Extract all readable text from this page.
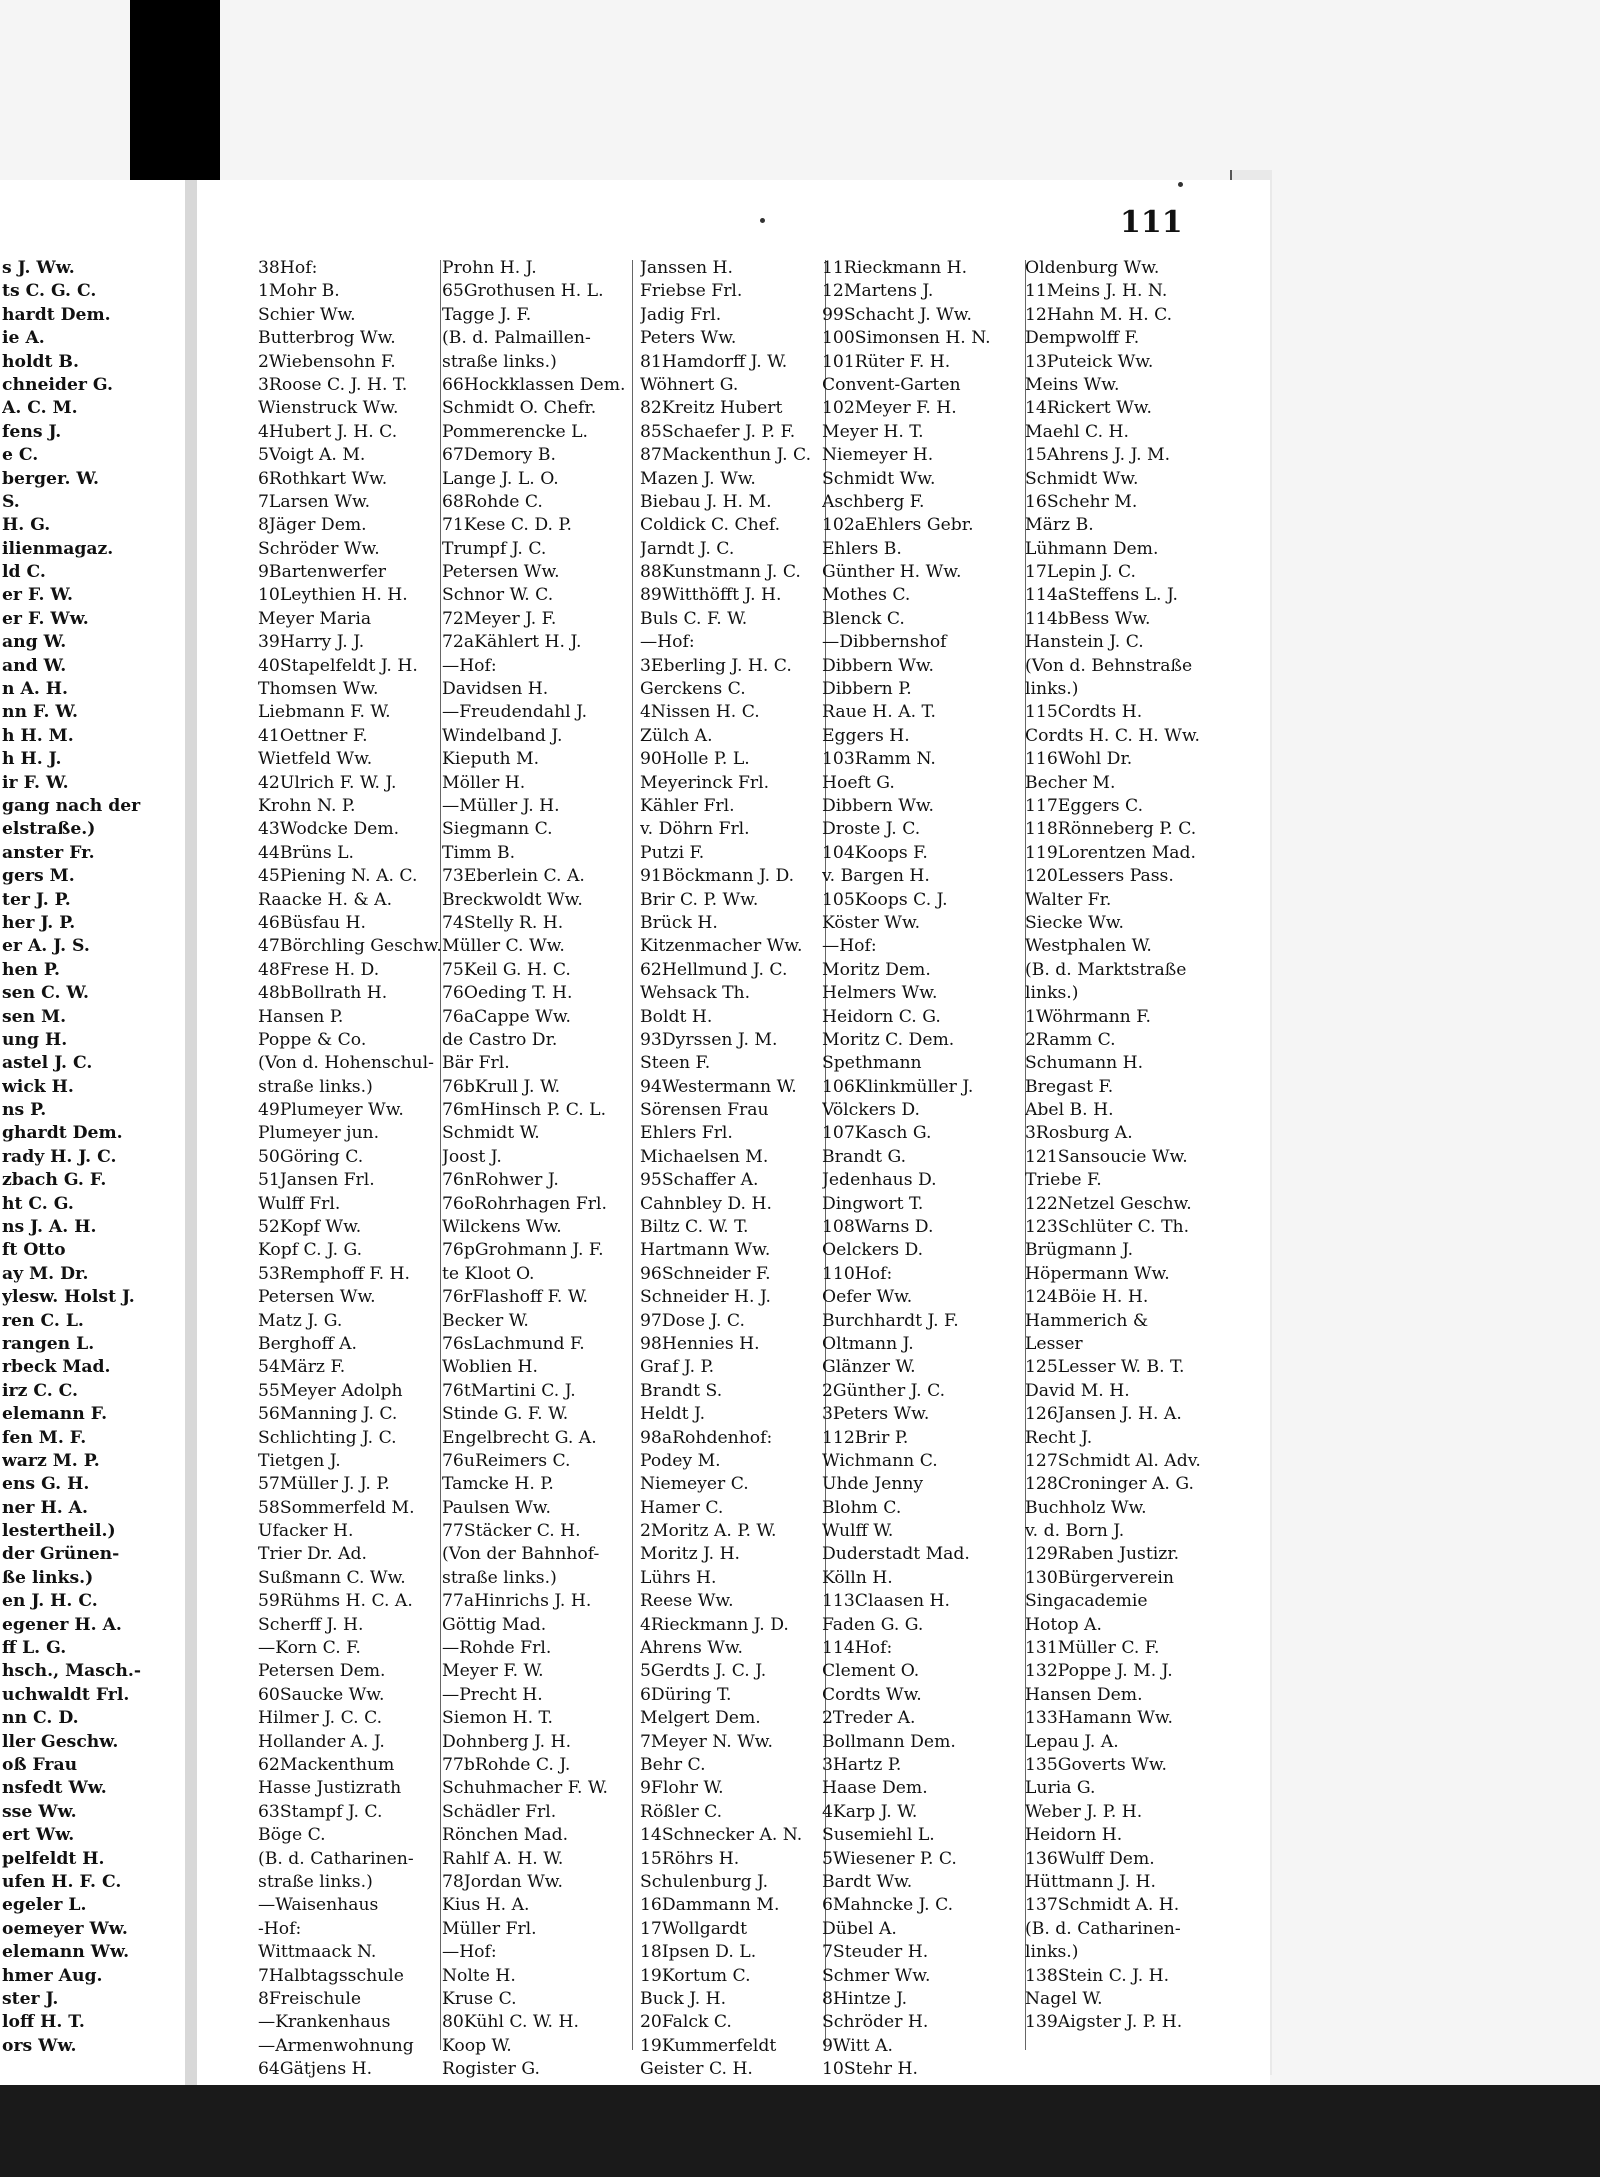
s J. Ww.
ts C. G. C.
hardt Dem.
ie A.
holdt B.
chneider G.
A. C. M.
fens J.
e C.
berger. W.
S.
H. G.
ilienmagaz.
ld C.
er F. W.
er F. Ww.
ang W.
and W.
n A. H.
nn F. W.
h H. M.
h H. J.
ir F. W.
gang nach der
elstraße.)
anster Fr.
gers M.
ter J. P.
her J. P.
er A. J. S.
hen P.
sen C. W.
sen M.
ung H.
astel J. C.
wick H.
ns P.
ghardt Dem.
rady H. J. C.
zbach G. F.
ht C. G.
ns J. A. H.
ft Otto
ay M. Dr.
ylesw. Holst J.
ren C. L.
rangen L.
rbeck Mad.
irz C. C.
elemann F.
fen M. F.
warz M. P.
ens G. H.
ner H. A.
lestertheil.)
der Grünen-
ße links.)
en J. H. C.
egener H. A.
ff L. G.
hsch., Masch.-
uchwaldt Frl.
nn C. D.
ller Geschw.
oß Frau
nsfedt Ww.
sse Ww.
ert Ww.
pelfeldt H.
ufen H. F. C.
egeler L.
oemeyer Ww.
elemann Ww.
hmer Aug.
ster J.
loff H. T.
ors Ww.
111
38Hof:
1Mohr B.
Schier Ww.
Butterbrog Ww.
2Wiebensohn F.
3Roose C. J. H. T.
Wienstruck Ww.
4Hubert J. H. C.
5Voigt A. M.
6Rothkart Ww.
7Larsen Ww.
8Jäger Dem.
Schröder Ww.
9Bartenwerfer
10Leythien H. H.
Meyer Maria
39Harry J. J.
40Stapelfeldt J. H.
Thomsen Ww.
Liebmann F. W.
41Oettner F.
Wietfeld Ww.
42Ulrich F. W. J.
Krohn N. P.
43Wodcke Dem.
44Brüns L.
45Piening N. A. C.
Raacke H. & A.
46Büsfau H.
47Börchling Geschw.
48Frese H. D.
48bBollrath H.
Hansen P.
Poppe & Co.
(Von d. Hohenschul-
straße links.)
49Plumeyer Ww.
Plumeyer jun.
50Göring C.
51Jansen Frl.
Wulff Frl.
52Kopf Ww.
Kopf C. J. G.
53Remphoff F. H.
Petersen Ww.
Matz J. G.
Berghoff A.
54März F.
55Meyer Adolph
56Manning J. C.
Schlichting J. C.
Tietgen J.
57Müller J. J. P.
58Sommerfeld M.
Ufacker H.
Trier Dr. Ad.
Sußmann C. Ww.
59Rühms H. C. A.
Scherff J. H.
—Korn C. F.
Petersen Dem.
60Saucke Ww.
Hilmer J. C. C.
Hollander A. J.
62Mackenthum
Hasse Justizrath
63Stampf J. C.
Böge C.
(B. d. Catharinen-
straße links.)
—Waisenhaus
-Hof:
Wittmaack N.
7Halbtagsschule
8Freischule
—Krankenhaus
—Armenwohnung
64Gätjens H.
Prohn H. J.
65Grothusen H. L.
Tagge J. F.
(B. d. Palmaillen-
straße links.)
66Hockklassen Dem.
Schmidt O. Chefr.
Pommerencke L.
67Demory B.
Lange J. L. O.
68Rohde C.
71Kese C. D. P.
Trumpf J. C.
Petersen Ww.
Schnor W. C.
72Meyer J. F.
72aKählert H. J.
—Hof:
Davidsen H.
—Freudendahl J.
Windelband J.
Kieputh M.
Möller H.
—Müller J. H.
Siegmann C.
Timm B.
73Eberlein C. A.
Breckwoldt Ww.
74Stelly R. H.
Müller C. Ww.
75Keil G. H. C.
76Oeding T. H.
76aCappe Ww.
de Castro Dr.
Bär Frl.
76bKrull J. W.
76mHinsch P. C. L.
Schmidt W.
Joost J.
76nRohwer J.
76oRohrhagen Frl.
Wilckens Ww.
76pGrohmann J. F.
te Kloot O.
76rFlashoff F. W.
Becker W.
76sLachmund F.
Woblien H.
76tMartini C. J.
Stinde G. F. W.
Engelbrecht G. A.
76uReimers C.
Tamcke H. P.
Paulsen Ww.
77Stäcker C. H.
(Von der Bahnhof-
straße links.)
77aHinrichs J. H.
Göttig Mad.
—Rohde Frl.
Meyer F. W.
—Precht H.
Siemon H. T.
Dohnberg J. H.
77bRohde C. J.
Schuhmacher F. W.
Schädler Frl.
Rönchen Mad.
Rahlf A. H. W.
78Jordan Ww.
Kius H. A.
Müller Frl.
—Hof:
Nolte H.
Kruse C.
80Kühl C. W. H.
Koop W.
Rogister G.
Janssen H.
Friebse Frl.
Jadig Frl.
Peters Ww.
81Hamdorff J. W.
Wöhnert G.
82Kreitz Hubert
85Schaefer J. P. F.
87Mackenthun J. C.
Mazen J. Ww.
Biebau J. H. M.
Coldick C. Chef.
Jarndt J. C.
88Kunstmann J. C.
89Witthöfft J. H.
Buls C. F. W.
—Hof:
3Eberling J. H. C.
Gerckens C.
4Nissen H. C.
Zülch A.
90Holle P. L.
Meyerinck Frl.
Kähler Frl.
v. Döhrn Frl.
Putzi F.
91Böckmann J. D.
Brir C. P. Ww.
Brück H.
Kitzenmacher Ww.
62Hellmund J. C.
Wehsack Th.
Boldt H.
93Dyrssen J. M.
Steen F.
94Westermann W.
Sörensen Frau
Ehlers Frl.
Michaelsen M.
95Schaffer A.
Cahnbley D. H.
Biltz C. W. T.
Hartmann Ww.
96Schneider F.
Schneider H. J.
97Dose J. C.
98Hennies H.
Graf J. P.
Brandt S.
Heldt J.
98aRohdenhof:
Podey M.
Niemeyer C.
Hamer C.
2Moritz A. P. W.
Moritz J. H.
Lührs H.
Reese Ww.
4Rieckmann J. D.
Ahrens Ww.
5Gerdts J. C. J.
6Düring T.
Melgert Dem.
7Meyer N. Ww.
Behr C.
9Flohr W.
Rößler C.
14Schnecker A. N.
15Röhrs H.
Schulenburg J.
16Dammann M.
17Wollgardt
18Ipsen D. L.
19Kortum C.
Buck J. H.
20Falck C.
19Kummerfeldt
Geister C. H.
11Rieckmann H.
12Martens J.
99Schacht J. Ww.
100Simonsen H. N.
101Rüter F. H.
Convent-Garten
102Meyer F. H.
Meyer H. T.
Niemeyer H.
Schmidt Ww.
Aschberg F.
102aEhlers Gebr.
Ehlers B.
Günther H. Ww.
Mothes C.
Blenck C.
—Dibbernshof
Dibbern Ww.
Dibbern P.
Raue H. A. T.
Eggers H.
103Ramm N.
Hoeft G.
Dibbern Ww.
Droste J. C.
104Koops F.
v. Bargen H.
105Koops C. J.
Köster Ww.
—Hof:
Moritz Dem.
Helmers Ww.
Heidorn C. G.
Moritz C. Dem.
Spethmann
106Klinkmüller J.
Völckers D.
107Kasch G.
Brandt G.
Jedenhaus D.
Dingwort T.
108Warns D.
Oelckers D.
110Hof:
Oefer Ww.
Burchhardt J. F.
Oltmann J.
Glänzer W.
2Günther J. C.
3Peters Ww.
112Brir P.
Wichmann C.
Uhde Jenny
Blohm C.
Wulff W.
Duderstadt Mad.
Kölln H.
113Claasen H.
Faden G. G.
114Hof:
Clement O.
Cordts Ww.
2Treder A.
Bollmann Dem.
3Hartz P.
Haase Dem.
4Karp J. W.
Susemiehl L.
5Wiesener P. C.
Bardt Ww.
6Mahncke J. C.
Dübel A.
7Steuder H.
Schmer Ww.
8Hintze J.
Schröder H.
9Witt A.
10Stehr H.
Oldenburg Ww.
11Meins J. H. N.
12Hahn M. H. C.
Dempwolff F.
13Puteick Ww.
Meins Ww.
14Rickert Ww.
Maehl C. H.
15Ahrens J. J. M.
Schmidt Ww.
16Schehr M.
März B.
Lühmann Dem.
17Lepin J. C.
114aSteffens L. J.
114bBess Ww.
Hanstein J. C.
(Von d. Behnstraße
links.)
115Cordts H.
Cordts H. C. H. Ww.
116Wohl Dr.
Becher M.
117Eggers C.
118Rönneberg P. C.
119Lorentzen Mad.
120Lessers Pass.
Walter Fr.
Siecke Ww.
Westphalen W.
(B. d. Marktstraße
links.)
1Wöhrmann F.
2Ramm C.
Schumann H.
Bregast F.
Abel B. H.
3Rosburg A.
121Sansoucie Ww.
Triebe F.
122Netzel Geschw.
123Schlüter C. Th.
Brügmann J.
Höpermann Ww.
124Böie H. H.
Hammerich &
Lesser
125Lesser W. B. T.
David M. H.
126Jansen J. H. A.
Recht J.
127Schmidt Al. Adv.
128Croninger A. G.
Buchholz Ww.
v. d. Born J.
129Raben Justizr.
130Bürgerverein
Singacademie
Hotop A.
131Müller C. F.
132Poppe J. M. J.
Hansen Dem.
133Hamann Ww.
Lepau J. A.
135Goverts Ww.
Luria G.
Weber J. P. H.
Heidorn H.
136Wulff Dem.
Hüttmann J. H.
137Schmidt A. H.
(B. d. Catharinen-
links.)
138Stein C. J. H.
Nagel W.
139Aigster J. P. H.
